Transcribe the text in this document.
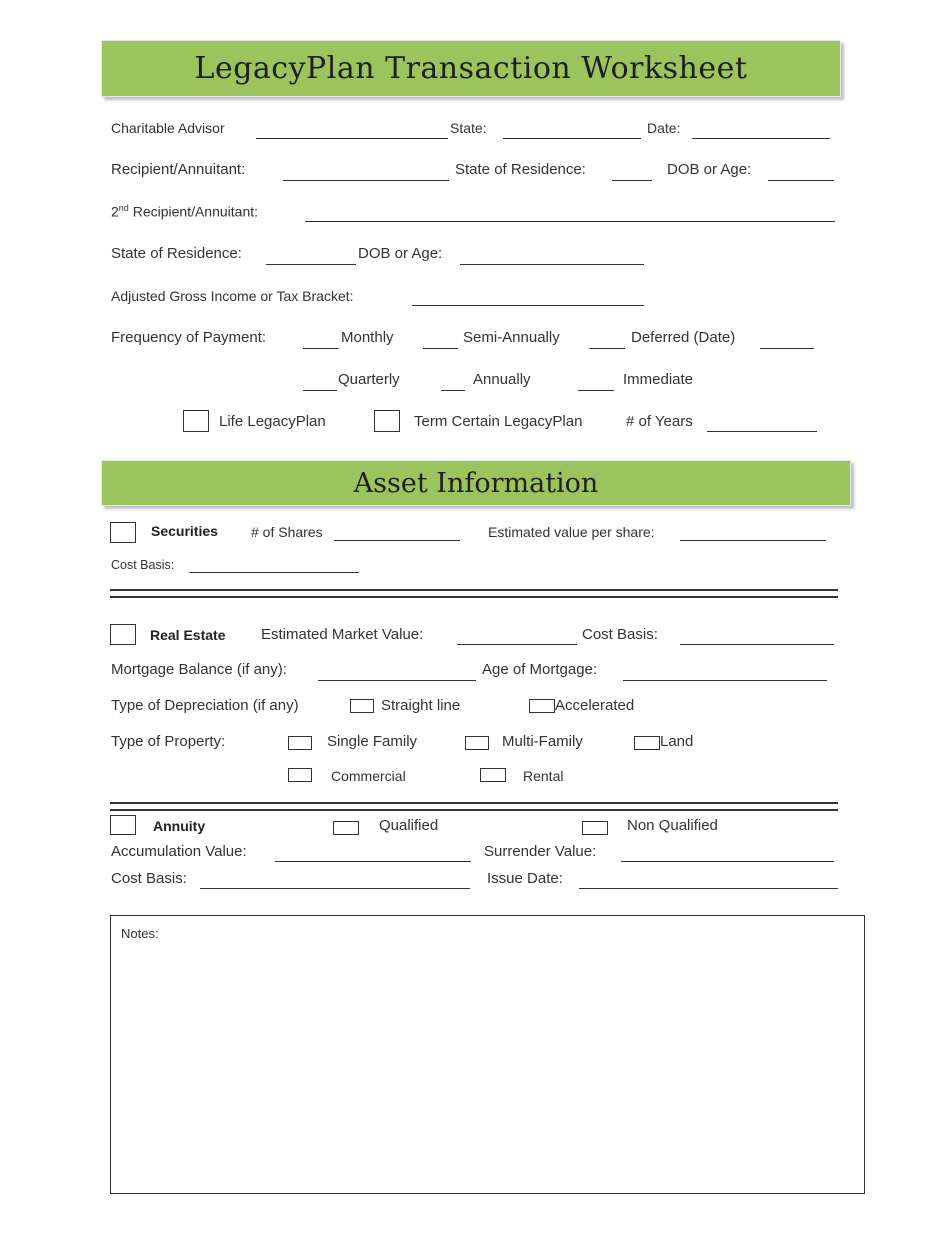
LegacyPlan Transaction Worksheet
Charitable Advisor	State:	Date:
Recipient/Annuitant:	State of Residence:	DOB or Age:
2nd Recipient/Annuitant:
State of Residence:	DOB or Age:
Adjusted Gross Income or Tax Bracket:
Frequency of Payment:	Monthly	Semi-Annually	Deferred (Date)
Quarterly	Annually	Immediate
Life LegacyPlan	Term Certain LegacyPlan	# of Years
Asset Information
Securities # of Shares	Estimated value per share:
Cost Basis:
Real Estate Estimated Market Value:	Cost Basis:
Mortgage Balance (if any):	Age of Mortgage:
Type of Depreciation (if any)	Straight line	Accelerated
Type of Property:	Single Family	Multi-Family	Land
Commercial	Rental
Annuity	Qualified	Non Qualified
Accumulation Value:	Surrender Value:
Cost Basis:	Issue Date:
Notes:
